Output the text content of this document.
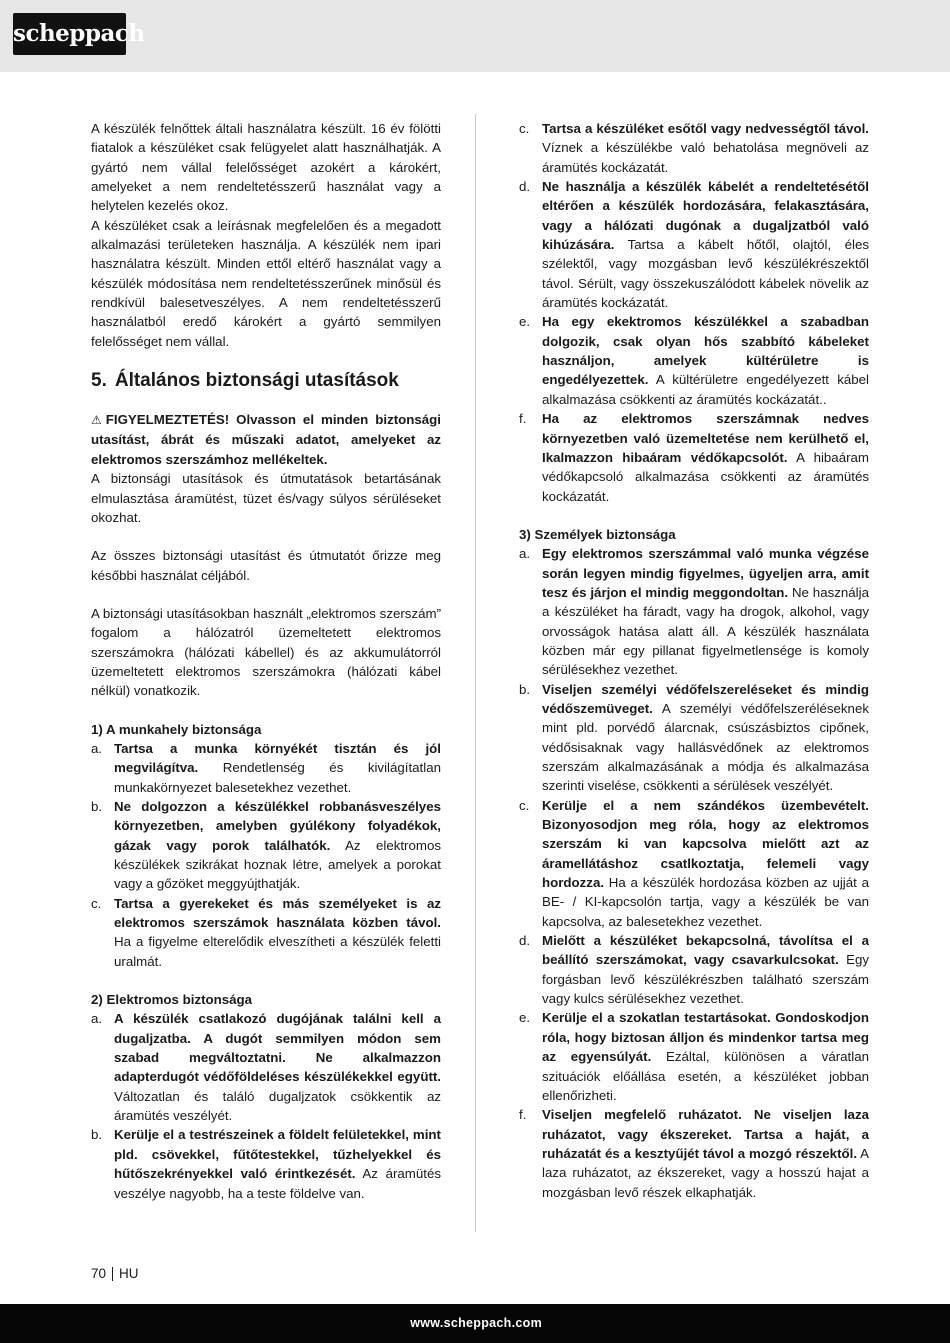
scheppach

A készülék felnőttek általi használatra készült. 16 év fölötti fiatalok a készüléket csak felügyelet alatt használhatják. A gyártó nem vállal felelősséget azokért a károkért, amelyeket a nem rendeltetésszerű használat vagy a helytelen kezelés okoz.

A készüléket csak a leírásnak megfelelően és a megadott alkalmazási területeken használja. A készülék nem ipari használatra készült. Minden ettől eltérő használat vagy a készülék módosítása nem rendeltetésszerűnek minősül és rendkívül balesetveszélyes. A nem rendeltetésszerű használatból eredő károkért a gyártó semmilyen felelősséget nem vállal.

5. Általános biztonsági utasítások

⚠ FIGYELMEZTETÉS! Olvasson el minden biztonsági utasítást, ábrát és műszaki adatot, amelyeket az elektromos szerszámhoz mellékeltek.

A biztonsági utasítások és útmutatások betartásának elmulasztása áramütést, tüzet és/vagy súlyos sérüléseket okozhat.

Az összes biztonsági utasítást és útmutatót őrizze meg későbbi használat céljából.

A biztonsági utasításokban használt „elektromos szerszám” fogalom a hálózatról üzemeltetett elektromos szerszámokra (hálózati kábellel) és az akkumulátorról üzemeltetett elektromos szerszámokra (hálózati kábel nélkül) vonatkozik.

1) A munkahely biztonsága
a. Tartsa a munka környékét tisztán és jól megvilágítva. Rendetlenség és kivilágítatlan munkakörnyezet balesetekhez vezethet.
b. Ne dolgozzon a készülékkel robbanásveszélyes környezetben, amelyben gyúlékony folyadékok, gázak vagy porok találhatók. Az elektromos készülékek szikrákat hoznak létre, amelyek a porokat vagy a gőzöket meggyújthatják.
c. Tartsa a gyerekeket és más személyeket is az elektromos szerszámok használata közben távol. Ha a figyelme elterelődik elveszítheti a készülék feletti uralmát.
2) Elektromos biztonsága
a. A készülék csatlakozó dugójának találni kell a dugaljzatba. A dugót semmilyen módon sem szabad megváltoztatni. Ne alkalmazzon adapterdugót védőföldeléses készülékekkel együtt. Változatlan és találó dugaljzatok csökkentik az áramütés veszélyét.
b. Kerülje el a testrészeinek a földelt felületekkel, mint pld. csövekkel, fűtőtestekkel, tűzhelyekkel és hűtőszekrényekkel való érintkezését. Az áramütés veszélye nagyobb, ha a teste földelve van.
c. Tartsa a készüléket esőtől vagy nedvességtől távol. Víznek a készülékbe való behatolása megnöveli az áramütés kockázatát.
d. Ne használja a készülék kábelét a rendeltetésétől eltérően a készülék hordozására, felakasztására, vagy a hálózati dugónak a dugaljzatból való kihúzására. Tartsa a kábelt hőtől, olajtól, éles szélektől, vagy mozgásban levő készülékrészektől távol. Sérült, vagy összekuszálódott kábelek növelik az áramütés kockázatát.
e. Ha egy ekektromos készülékkel a szabadban dolgozik, csak olyan hős szabbító kábeleket használjon, amelyek kültérületre is engedélyezettek. A kültérületre engedélyezett kábel alkalmazása csökkenti az áramütés kockázatát..
f.	Ha az elektromos szerszámnak nedves környezetben való üzemeltetése nem kerülhető el, Ikalmazzon hibaáram védőkapcsolót. A hibaáram védőkapcsoló alkalmazása csökkenti az áramütés kockázatát.
3) Személyek biztonsága
a. Egy elektromos szerszámmal való munka végzése során legyen mindig figyelmes, ügyeljen arra, amit tesz és járjon el mindig meggondoltan. Ne használja a készüléket ha fáradt, vagy ha drogok, alkohol, vagy orvosságok hatása alatt áll. A készülék használata közben már egy pillanat figyelmetlensége is komoly sérülésekhez vezethet.
b. Viseljen személyi védőfelszereléseket és mindig védőszemüveget. A személyi védőfelszeréléseknek mint pld. porvédő álarcnak, csúszásbiztos cipőnek, védősisaknak vagy hallásvédőnek az elektromos szerszám alkalmazásának a módja és alkalmazása szerinti viselése, csökkenti a sérülések veszélyét.
c. Kerülje el a nem szándékos üzembevételt. Bizonyosodjon meg róla, hogy az elektromos szerszám ki van kapcsolva mielőtt azt az áramellátáshoz csatlkoztatja, felemeli vagy hordozza. Ha a készülék hordozása közben az ujját a BE- / KI-kapcsolón tartja, vagy a készülék be van kapcsolva, az balesetekhez vezethet.
d. Mielőtt a készüléket bekapcsolná, távolítsa el a beállító szerszámokat, vagy csavarkulcsokat. Egy forgásban levő készülékrészben található szerszám vagy kulcs sérülésekhez vezethet.
e. Kerülje el a szokatlan testartásokat. Gondoskodjon róla, hogy biztosan álljon és mindenkor tartsa meg az egyensúlyát. Ezáltal, különösen a váratlan szituációk előállása esetén, a készüléket jobban ellenőrizheti.
f.	Viseljen megfelelő ruházatot. Ne viseljen laza ruházatot, vagy ékszereket. Tartsa a haját, a ruházatát és a kesztyűjét távol a mozgó részektől. A laza ruházatot, az ékszereket, vagy a hosszú hajat a mozgásban levő részek elkaphatják.
70 HU
www.scheppach.com
